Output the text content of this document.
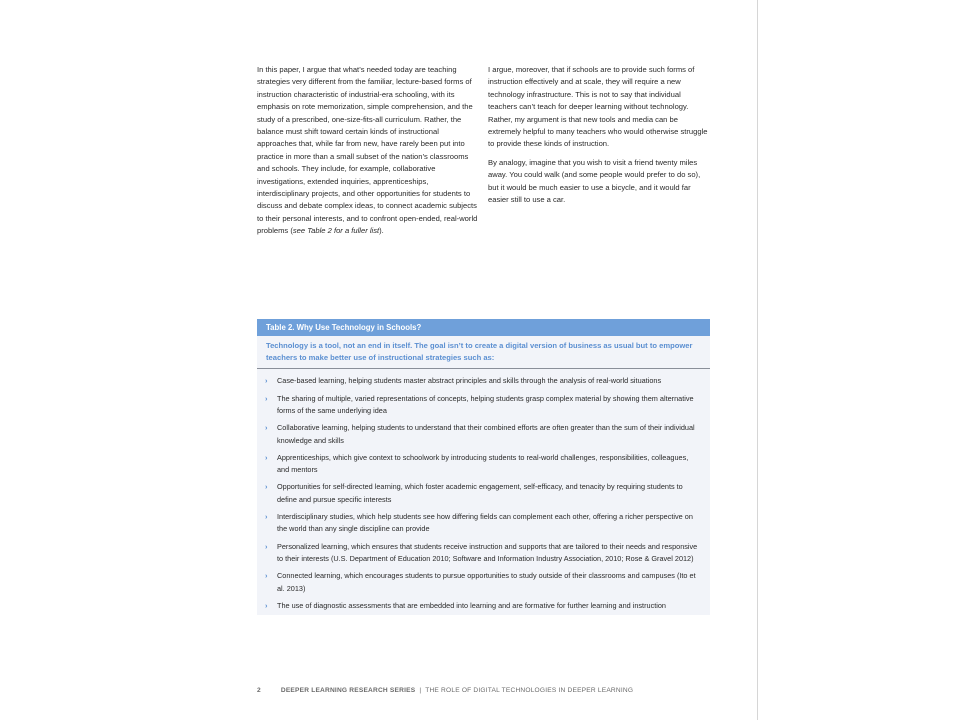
In this paper, I argue that what’s needed today are teaching strategies very different from the familiar, lecture-based forms of instruction characteristic of industrial-era schooling, with its emphasis on rote memorization, simple comprehension, and the study of a prescribed, one-size-fits-all curriculum. Rather, the balance must shift toward certain kinds of instructional approaches that, while far from new, have rarely been put into practice in more than a small subset of the nation’s classrooms and schools. They include, for example, collaborative investigations, extended inquiries, apprenticeships, interdisciplinary projects, and other opportunities for students to discuss and debate complex ideas, to connect academic subjects to their personal interests, and to confront open-ended, real-world problems (see Table 2 for a fuller list).

I argue, moreover, that if schools are to provide such forms of instruction effectively and at scale, they will require a new technology infrastructure. This is not to say that individual teachers can’t teach for deeper learning without technology. Rather, my argument is that new tools and media can be extremely helpful to many teachers who would otherwise struggle to provide these kinds of instruction.

By analogy, imagine that you wish to visit a friend twenty miles away. You could walk (and some people would prefer to do so), but it would be much easier to use a bicycle, and it would far easier still to use a car.

Table 2. Why Use Technology in Schools?
Technology is a tool, not an end in itself. The goal isn’t to create a digital version of business as usual but to empower teachers to make better use of instructional strategies such as:
› Case-based learning, helping students master abstract principles and skills through the analysis of real-world situations
› The sharing of multiple, varied representations of concepts, helping students grasp complex material by showing them alternative forms of the same underlying idea
› Collaborative learning, helping students to understand that their combined efforts are often greater than the sum of their individual knowledge and skills
› Apprenticeships, which give context to schoolwork by introducing students to real-world challenges, responsibilities, colleagues, and mentors
› Opportunities for self-directed learning, which foster academic engagement, self-efficacy, and tenacity by requiring students to define and pursue specific interests
› Interdisciplinary studies, which help students see how differing fields can complement each other, offering a richer perspective on the world than any single discipline can provide
› Personalized learning, which ensures that students receive instruction and supports that are tailored to their needs and responsive to their interests (U.S. Department of Education 2010; Software and Information Industry Association, 2010; Rose & Gravel 2012)
› Connected learning, which encourages students to pursue opportunities to study outside of their classrooms and campuses (Ito et al. 2013)
› The use of diagnostic assessments that are embedded into learning and are formative for further learning and instruction
2	DEEPER LEARNING RESEARCH SERIES | THE ROLE OF DIGITAL TECHNOLOGIES IN DEEPER LEARNING
